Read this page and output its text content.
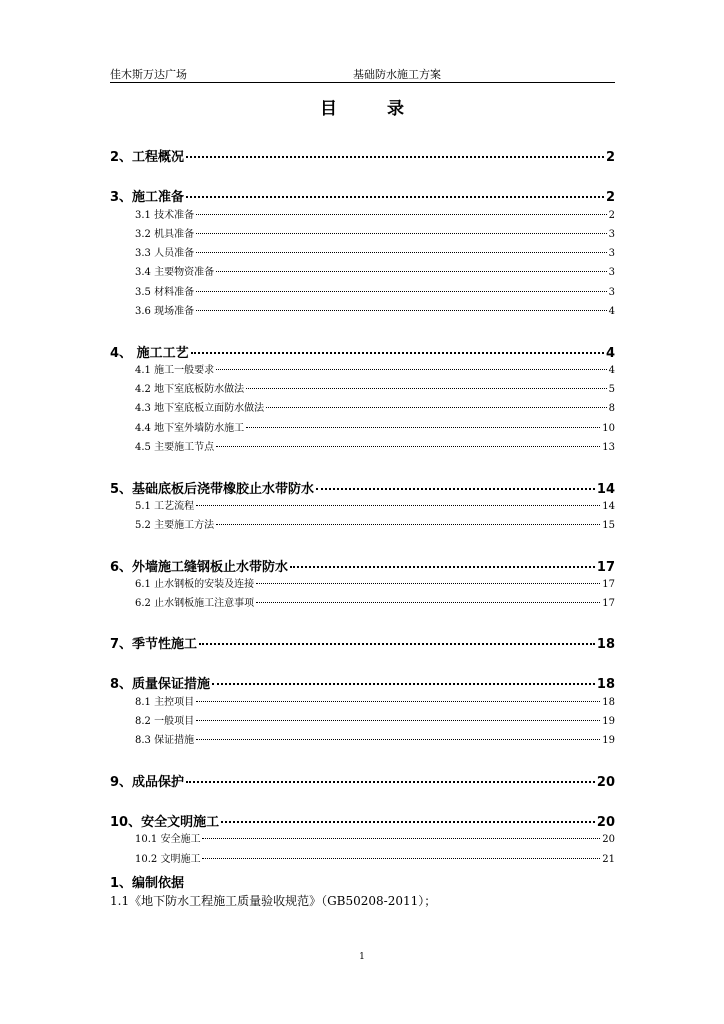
佳木斯万达广场	基础防水施工方案
目 录
2、工程概况	2
3、施工准备	2
3.1 技术准备	2
3.2 机具准备	3
3.3 人员准备	3
3.4 主要物资准备	3
3.5 材料准备	3
3.6 现场准备	4
4、 施工工艺	4
4.1 施工一般要求	4
4.2 地下室底板防水做法	5
4.3 地下室底板立面防水做法	8
4.4 地下室外墙防水施工	10
4.5 主要施工节点	13
5、基础底板后浇带橡胶止水带防水	14
5.1 工艺流程	14
5.2 主要施工方法	15
6、外墙施工缝钢板止水带防水	17
6.1 止水钢板的安装及连接	17
6.2 止水钢板施工注意事项	17
7、季节性施工	18
8、质量保证措施	18
8.1 主控项目	18
8.2 一般项目	19
8.3 保证措施	19
9、成品保护	20
10、安全文明施工	20
10.1 安全施工	20
10.2 文明施工	21
1、编制依据
1.1《地下防水工程施工质量验收规范》（GB50208-2011）；
1
